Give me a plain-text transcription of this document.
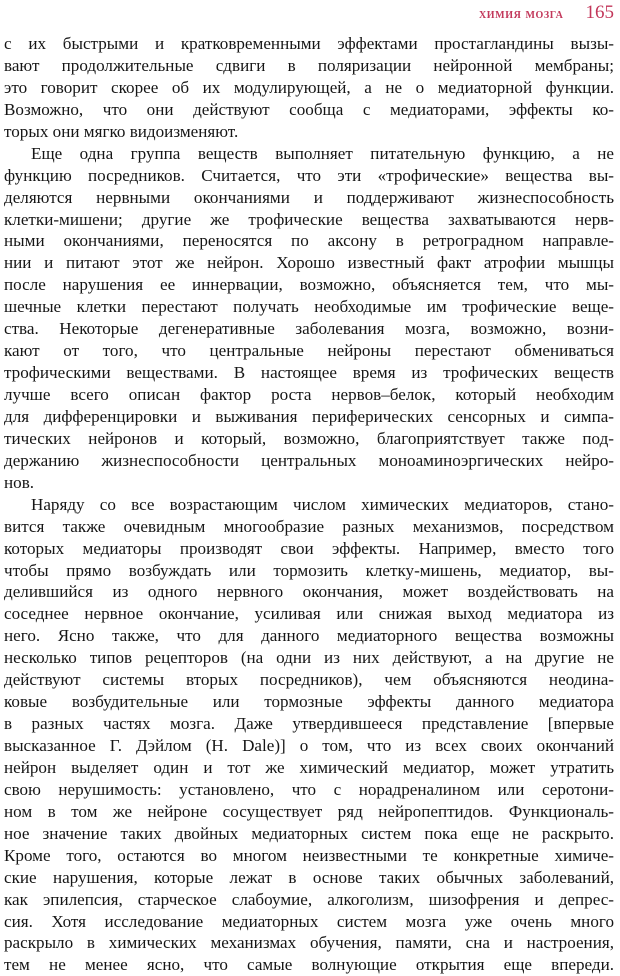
химия мозга 165
с их быстрыми и кратковременными эффектами простагландины вызы-
вают продолжительные сдвиги в поляризации нейронной мембраны;
это говорит скорее об их модулирующей, а не о медиаторной функции.
Возможно, что они действуют сообща с медиаторами, эффекты ко-
торых они мягко видоизменяют.
Еще одна группа веществ выполняет питательную функцию, а не
функцию посредников. Считается, что эти «трофические» вещества вы-
деляются нервными окончаниями и поддерживают жизнеспособность
клетки-мишени; другие же трофические вещества захватываются нерв-
ными окончаниями, переносятся по аксону в ретроградном направле-
нии и питают этот же нейрон. Хорошо известный факт атрофии мышцы
после нарушения ее иннервации, возможно, объясняется тем, что мы-
шечные клетки перестают получать необходимые им трофические веще-
ства. Некоторые дегенеративные заболевания мозга, возможно, возни-
кают от того, что центральные нейроны перестают обмениваться
трофическими веществами. В настоящее время из трофических веществ
лучше всего описан фактор роста нервов–белок, который необходим
для дифференцировки и выживания периферических сенсорных и симпа-
тических нейронов и который, возможно, благоприятствует также под-
держанию жизнеспособности центральных моноаминоэргических нейро-
нов.
Наряду со все возрастающим числом химических медиаторов, стано-
вится также очевидным многообразие разных механизмов, посредством
которых медиаторы производят свои эффекты. Например, вместо того
чтобы прямо возбуждать или тормозить клетку-мишень, медиатор, вы-
делившийся из одного нервного окончания, может воздействовать на
соседнее нервное окончание, усиливая или снижая выход медиатора из
него. Ясно также, что для данного медиаторного вещества возможны
несколько типов рецепторов (на одни из них действуют, а на другие не
действуют системы вторых посредников), чем объясняются неодина-
ковые возбудительные или тормозные эффекты данного медиатора
в разных частях мозга. Даже утвердившееся представление [впервые
высказанное Г. Дэйлом (H. Dale)] о том, что из всех своих окончаний
нейрон выделяет один и тот же химический медиатор, может утратить
свою нерушимость: установлено, что с норадреналином или серотони-
ном в том же нейроне сосуществует ряд нейропептидов. Функциональ-
ное значение таких двойных медиаторных систем пока еще не раскрыто.
Кроме того, остаются во многом неизвестными те конкретные химиче-
ские нарушения, которые лежат в основе таких обычных заболеваний,
как эпилепсия, старческое слабоумие, алкоголизм, шизофрения и депрес-
сия. Хотя исследование медиаторных систем мозга уже очень много
раскрыло в химических механизмах обучения, памяти, сна и настроения,
тем не менее ясно, что самые волнующие открытия еще впереди.
